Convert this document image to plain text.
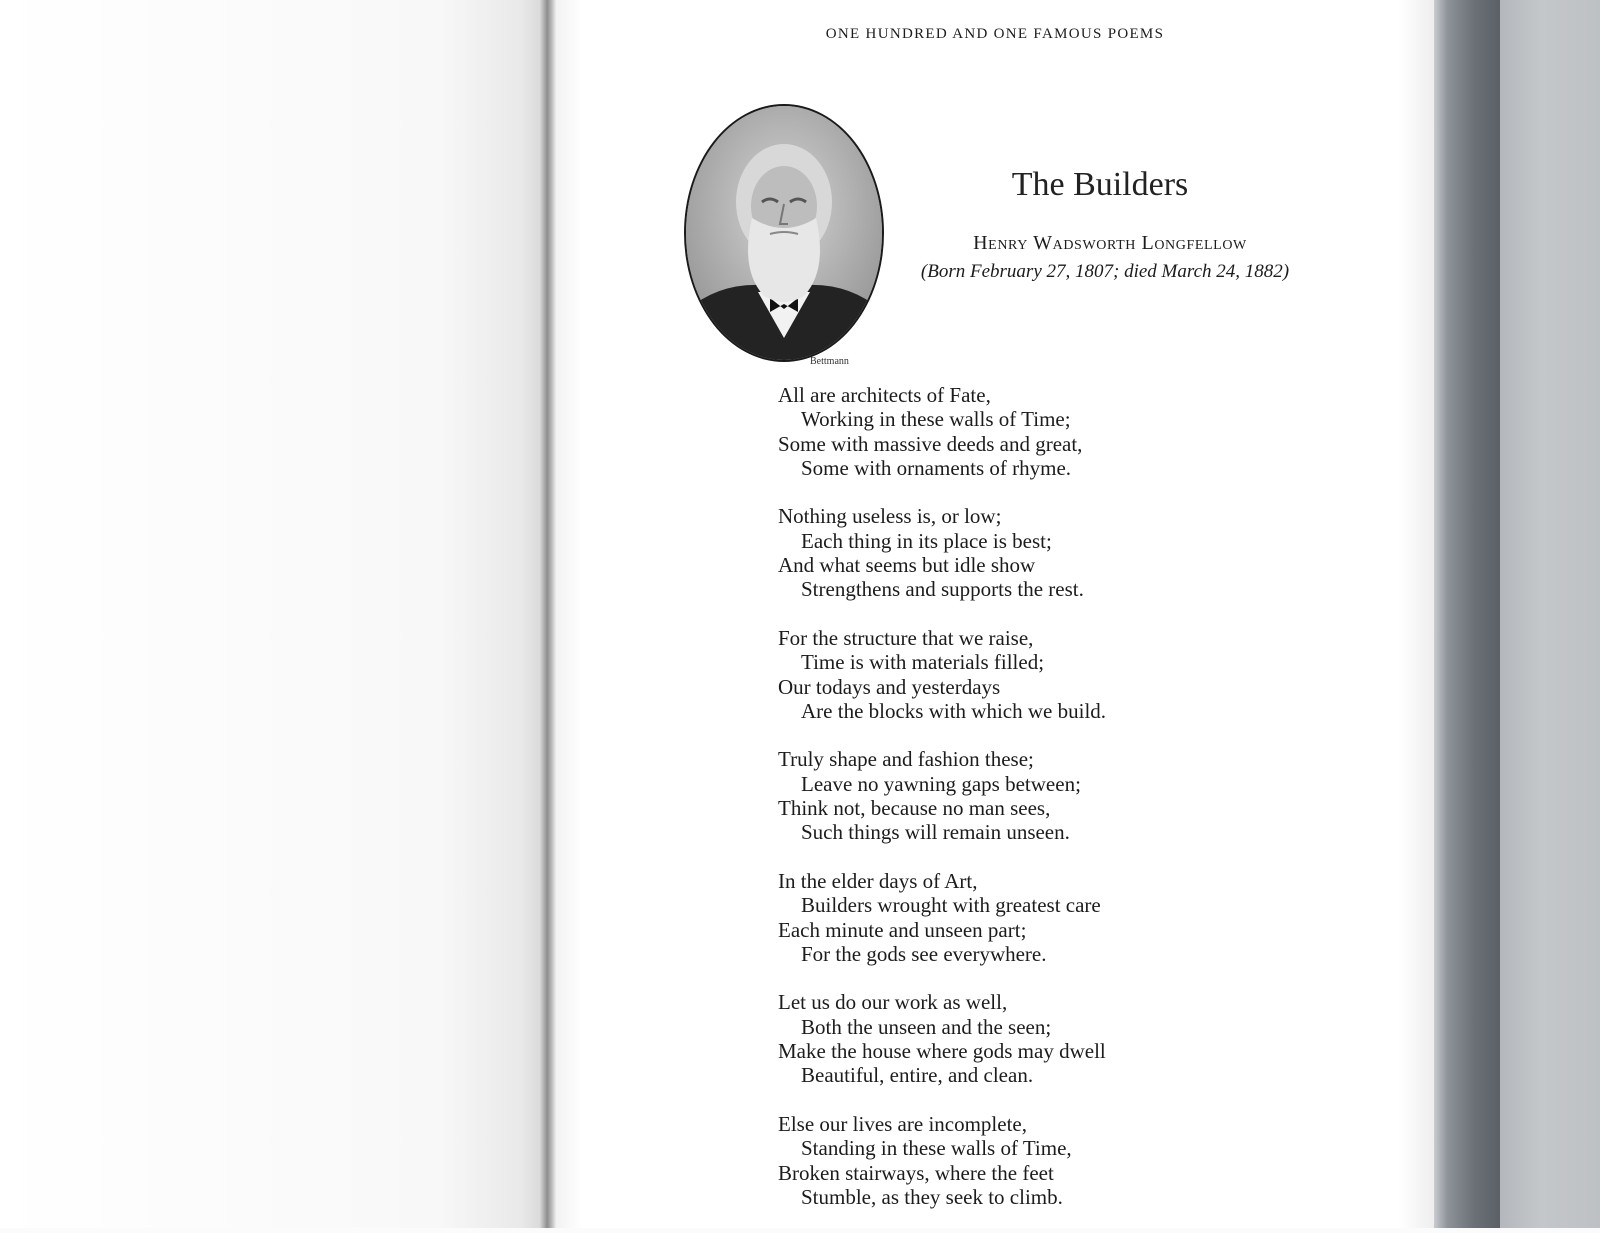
ONE HUNDRED AND ONE FAMOUS POEMS
Bettmann
The Builders
Henry Wadsworth Longfellow
(Born February 27, 1807; died March 24, 1882)
All are architects of Fate,
Working in these walls of Time;
Some with massive deeds and great,
Some with ornaments of rhyme.
Nothing useless is, or low;
Each thing in its place is best;
And what seems but idle show
Strengthens and supports the rest.
For the structure that we raise,
Time is with materials filled;
Our todays and yesterdays
Are the blocks with which we build.
Truly shape and fashion these;
Leave no yawning gaps between;
Think not, because no man sees,
Such things will remain unseen.
In the elder days of Art,
Builders wrought with greatest care
Each minute and unseen part;
For the gods see everywhere.
Let us do our work as well,
Both the unseen and the seen;
Make the house where gods may dwell
Beautiful, entire, and clean.
Else our lives are incomplete,
Standing in these walls of Time,
Broken stairways, where the feet
Stumble, as they seek to climb.
